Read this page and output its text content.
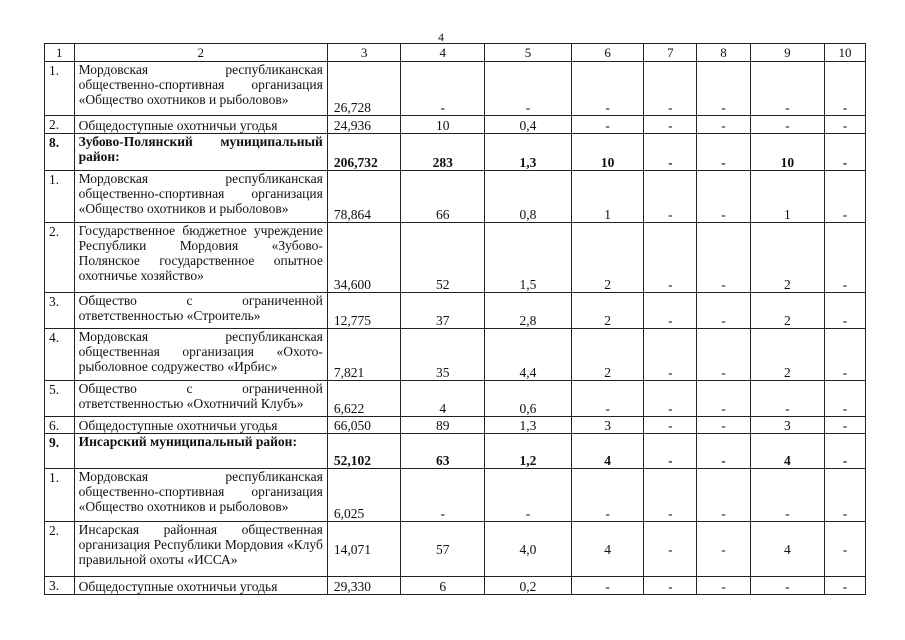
4
1	2	3	4	5	6	7	8	9	10
1.	Мордовская республиканская общественно-спортивная организация «Общество охотников и рыболовов»	26,728	-	-	-	-	-	-	-
2.	Общедоступные охотничьи угодья	24,936	10	0,4	-	-	-	-	-
8.	Зубово-Полянский муниципальный район:	206,732	283	1,3	10	-	-	10	-
1.	Мордовская республиканская общественно-спортивная организация «Общество охотников и рыболовов»	78,864	66	0,8	1	-	-	1	-
2.	Государственное бюджетное учреждение Республики Мордовия «Зубово-Полянское государственное опытное охотничье хозяйство»	34,600	52	1,5	2	-	-	2	-
3.	Общество с ограниченной ответственностью «Строитель»	12,775	37	2,8	2	-	-	2	-
4.	Мордовская республиканская общественная организация «Охото-рыболовное содружество «Ирбис»	7,821	35	4,4	2	-	-	2	-
5.	Общество с ограниченной ответственностью «Охотничий Клубъ»	6,622	4	0,6	-	-	-	-	-
6.	Общедоступные охотничьи угодья	66,050	89	1,3	3	-	-	3	-
9.	Инсарский муниципальный район:	52,102	63	1,2	4	-	-	4	-
1.	Мордовская республиканская общественно-спортивная организация «Общество охотников и рыболовов»	6,025	-	-	-	-	-	-	-
2.	Инсарская районная общественная организация Республики Мордовия «Клуб правильной охоты «ИССА»	14,071	57	4,0	4	-	-	4	-
3.	Общедоступные охотничьи угодья	29,330	6	0,2	-	-	-	-	-
